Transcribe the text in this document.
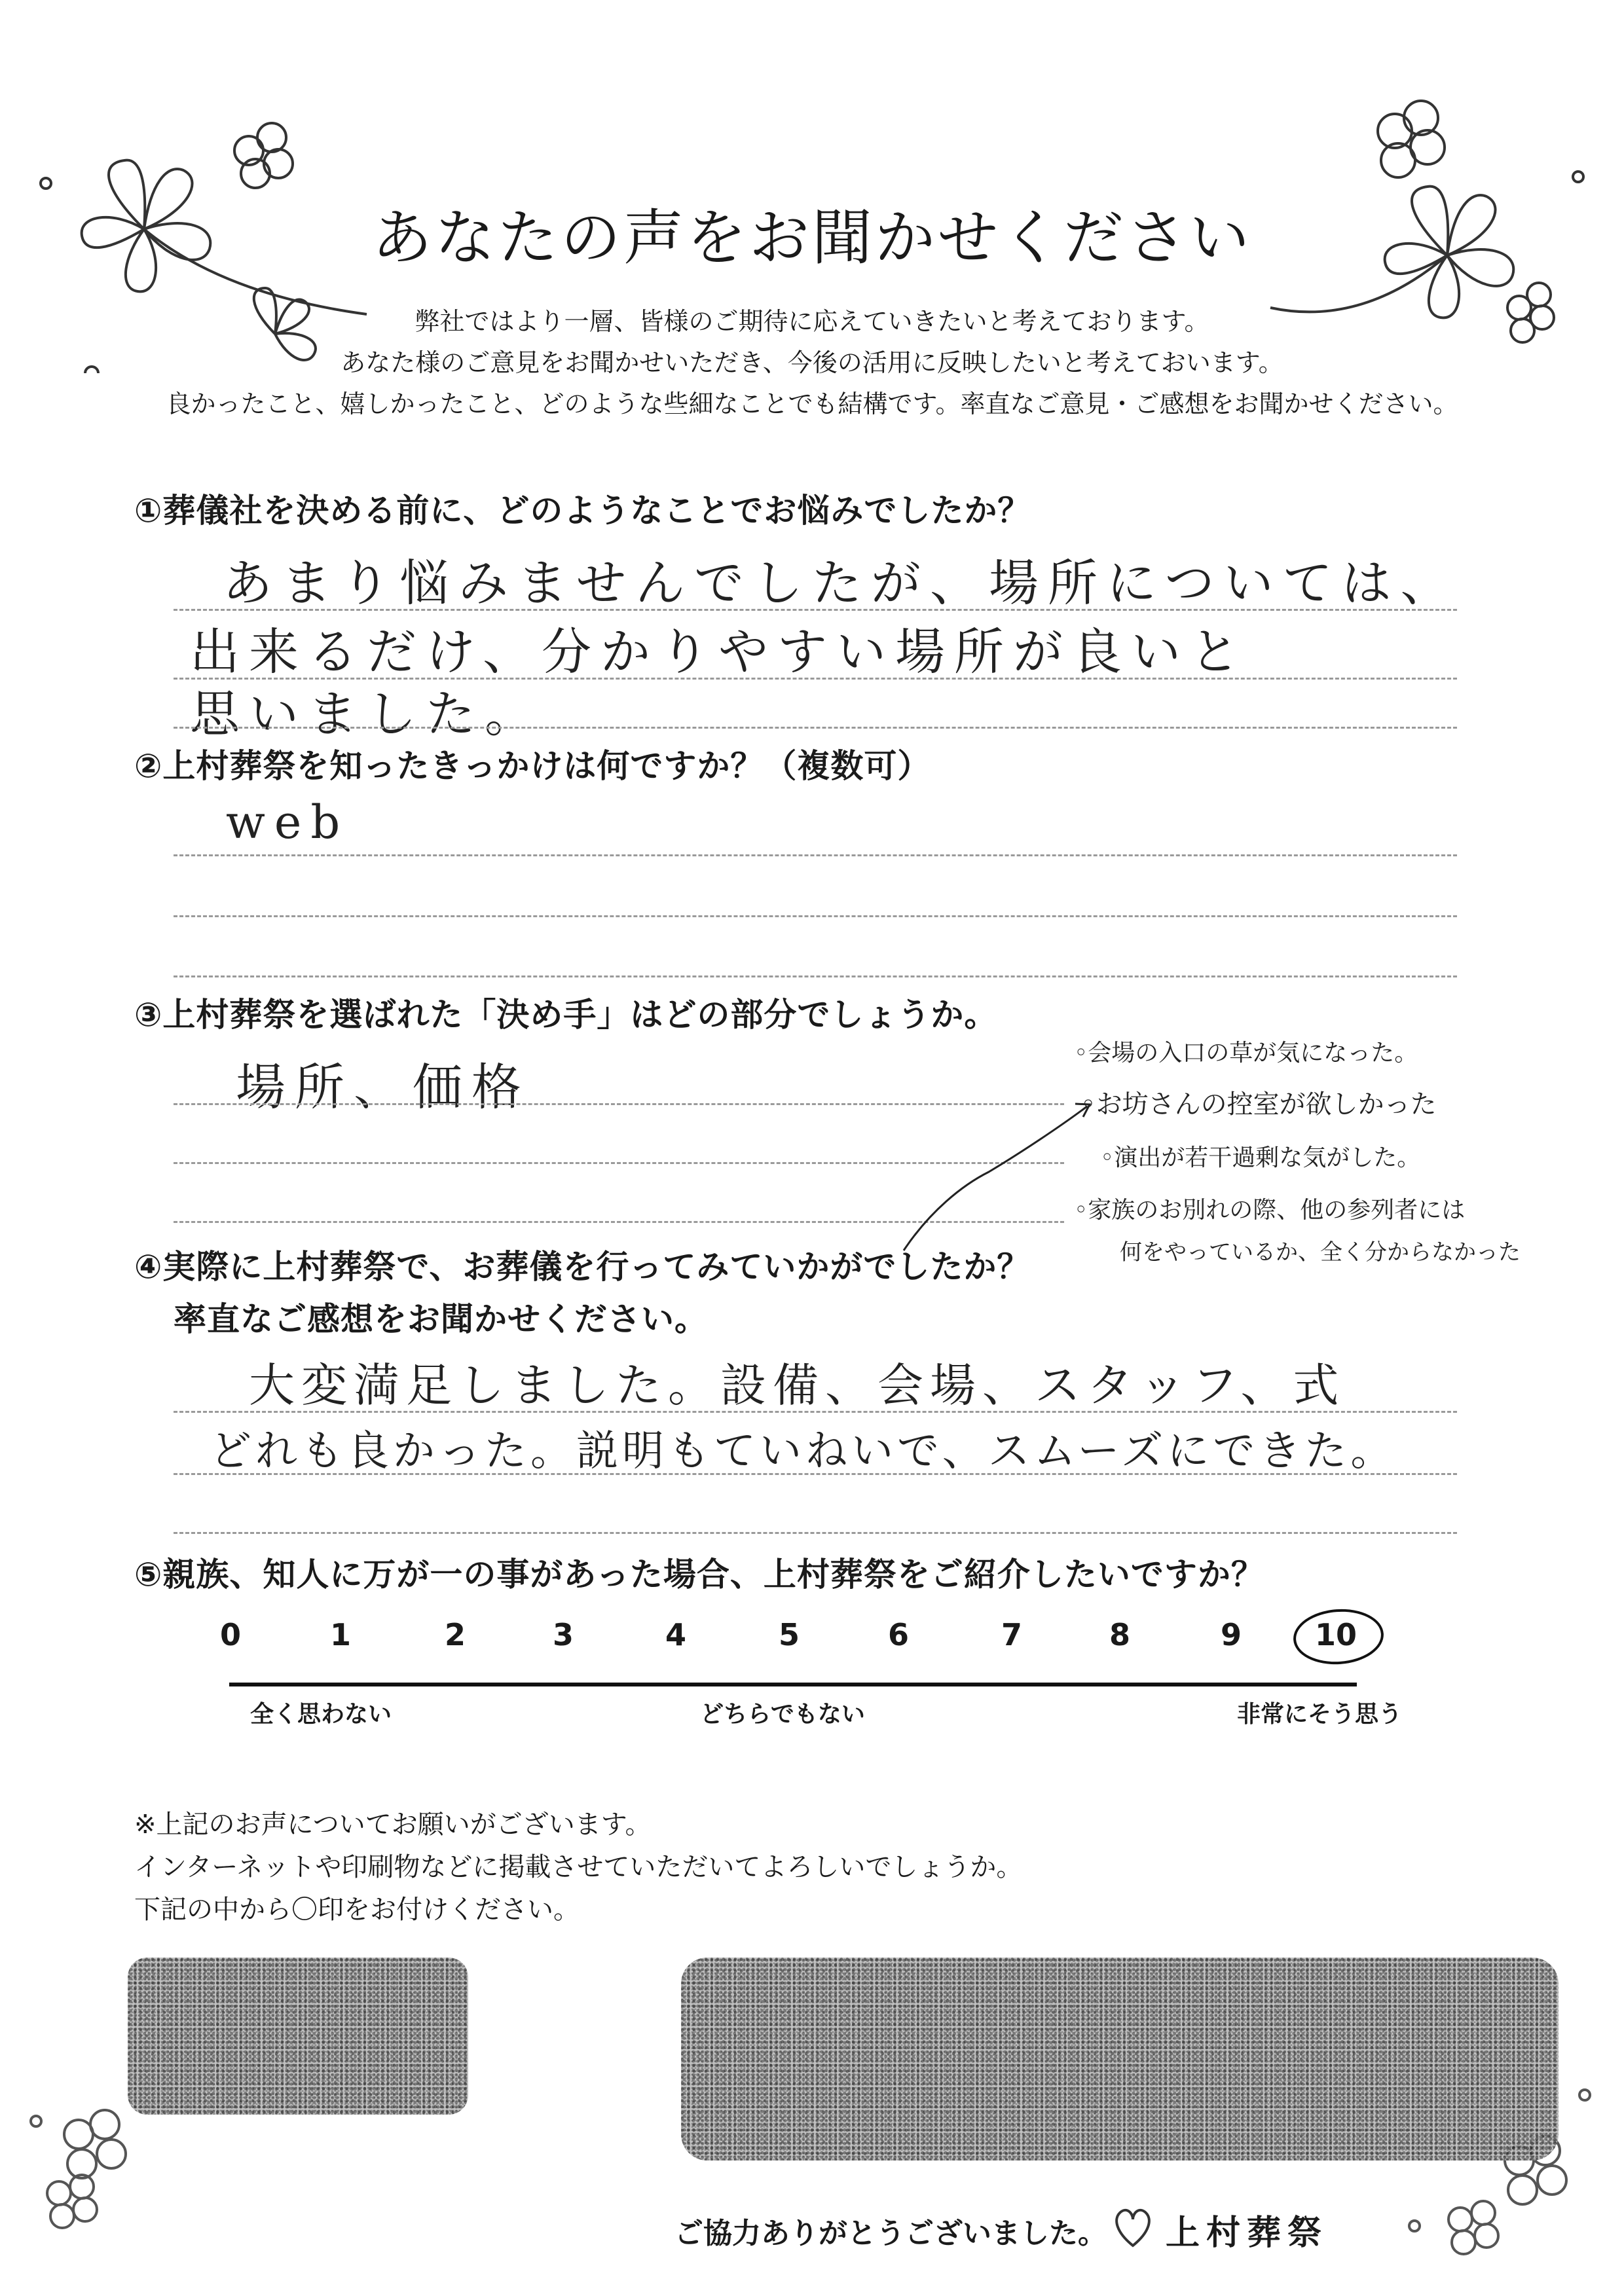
あなたの声をお聞かせください
弊社ではより一層、皆様のご期待に応えていきたいと考えております。
あなた様のご意見をお聞かせいただき、今後の活用に反映したいと考えておいます。
良かったこと、嬉しかったこと、どのような些細なことでも結構です。率直なご意見・ご感想をお聞かせください。
①葬儀社を決める前に、どのようなことでお悩みでしたか？
あまり悩みませんでしたが、場所については、
出来るだけ、分かりやすい場所が良いと
思いました。
②上村葬祭を知ったきっかけは何ですか？（複数可）
web
③上村葬祭を選ばれた「決め手」はどの部分でしょうか。
場所、価格
◦会場の入口の草が気になった。
◦お坊さんの控室が欲しかった
◦演出が若干過剰な気がした。
◦家族のお別れの際、他の参列者には
何をやっているか、全く分からなかった
④実際に上村葬祭で、お葬儀を行ってみていかがでしたか？
率直なご感想をお聞かせください。
大変満足しました。設備、会場、スタッフ、式
どれも良かった。説明もていねいで、スムーズにできた。
⑤親族、知人に万が一の事があった場合、上村葬祭をご紹介したいですか？
0	1	2	3	4	5	6	7	8	9 10
全く思わない	どちらでもない	非常にそう思う
※上記のお声についてお願いがございます。
インターネットや印刷物などに掲載させていただいてよろしいでしょうか。
下記の中から〇印をお付けください。
ご協力ありがとうございました。 上村葬祭
